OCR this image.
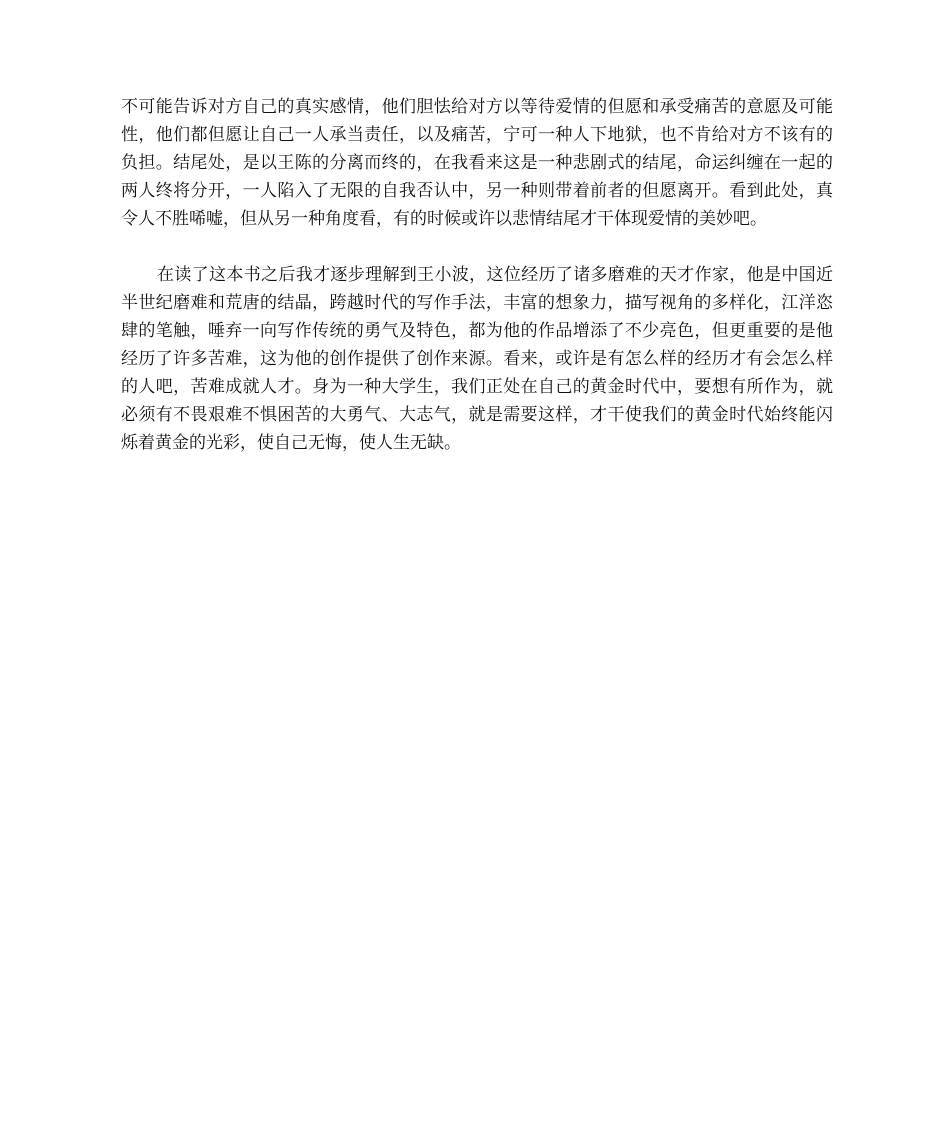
不可能告诉对方自己的真实感情，他们胆怯给对方以等待爱情的但愿和承受痛苦的意愿及可能性，他们都但愿让自己一人承当责任，以及痛苦，宁可一种人下地狱，也不肯给对方不该有的负担。结尾处，是以王陈的分离而终的，在我看来这是一种悲剧式的结尾，命运纠缠在一起的两人终将分开，一人陷入了无限的自我否认中，另一种则带着前者的但愿离开。看到此处，真令人不胜唏嘘，但从另一种角度看，有的时候或许以悲情结尾才干体现爱情的美妙吧。

在读了这本书之后我才逐步理解到王小波，这位经历了诸多磨难的天才作家，他是中国近半世纪磨难和荒唐的结晶，跨越时代的写作手法，丰富的想象力，描写视角的多样化，江洋恣肆的笔触，唾弃一向写作传统的勇气及特色，都为他的作品增添了不少亮色，但更重要的是他经历了许多苦难，这为他的创作提供了创作来源。看来，或许是有怎么样的经历才有会怎么样的人吧，苦难成就人才。身为一种大学生，我们正处在自己的黄金时代中，要想有所作为，就必须有不畏艰难不惧困苦的大勇气、大志气，就是需要这样，才干使我们的黄金时代始终能闪烁着黄金的光彩，使自己无悔，使人生无缺。
